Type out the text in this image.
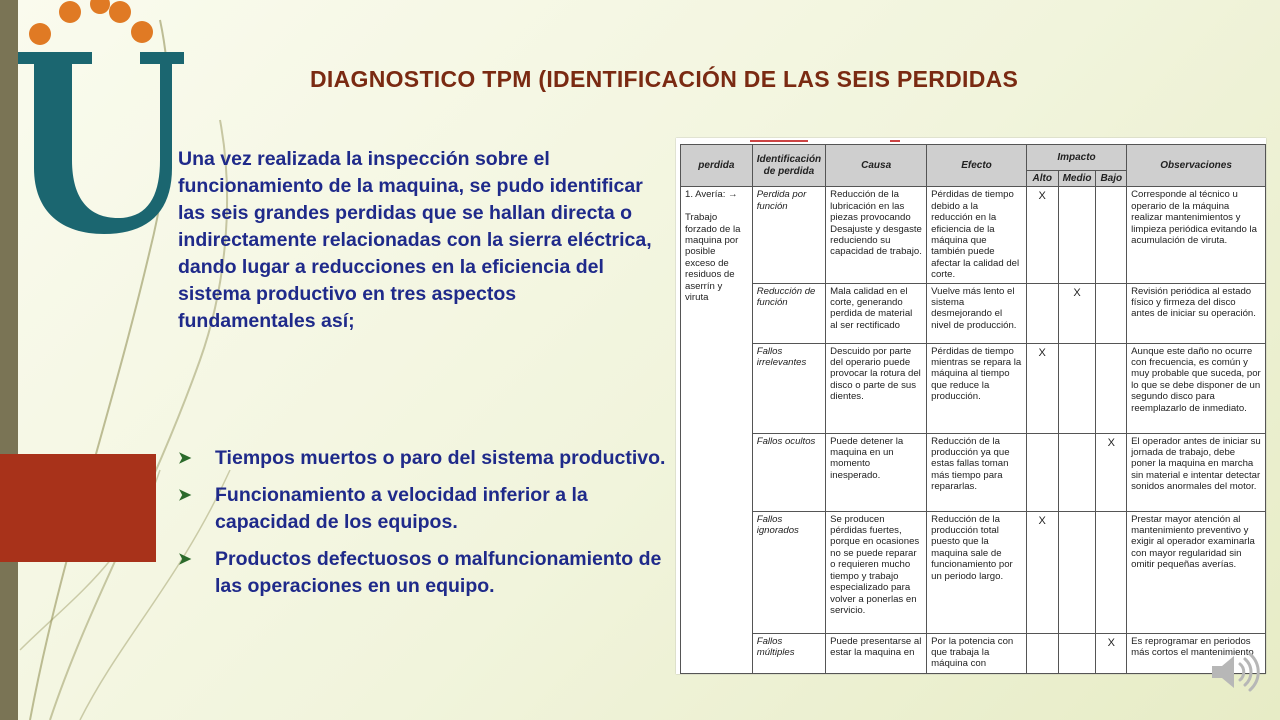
DIAGNOSTICO TPM (IDENTIFICACIÓN DE LAS SEIS PERDIDAS
Una vez realizada la inspección sobre el funcionamiento de la maquina, se pudo identificar las seis grandes perdidas que se hallan directa o indirectamente relacionadas con la sierra eléctrica, dando lugar a reducciones en la eficiencia del sistema productivo en tres aspectos fundamentales así;
➤ Tiempos muertos o paro del sistema productivo.
➤ Funcionamiento a velocidad inferior a la capacidad de los equipos.
➤ Productos defectuosos o malfuncionamiento de las operaciones en un equipo.
perdida	Identificación de perdida	Causa	Efecto	Impacto			Observaciones
				Alto	Medio	Bajo	
1. Avería: →

Trabajo forzado de la maquina por posible exceso de residuos de aserrín y viruta	Perdida por función	Reducción de la lubricación en las piezas provocando Desajuste y desgaste reduciendo su capacidad de trabajo.	Pérdidas de tiempo debido a la reducción en la eficiencia de la máquina que también puede afectar la calidad del corte.	X			Corresponde al técnico u operario de la máquina realizar mantenimientos y limpieza periódica evitando la acumulación de viruta.
	Reducción de función	Mala calidad en el corte, generando perdida de material al ser rectificado	Vuelve más lento el sistema desmejorando el nivel de producción.		X		Revisión periódica al estado físico y firmeza del disco antes de iniciar su operación.
	Fallos irrelevantes	Descuido por parte del operario puede provocar la rotura del disco o parte de sus dientes.	Pérdidas de tiempo mientras se repara la máquina al tiempo que reduce la producción.	X			Aunque este daño no ocurre con frecuencia, es común y muy probable que suceda, por lo que se debe disponer de un segundo disco para reemplazarlo de inmediato.
	Fallos ocultos	Puede detener la maquina en un momento inesperado.	Reducción de la producción ya que estas fallas toman más tiempo para repararlas.			X	El operador antes de iniciar su jornada de trabajo, debe poner la maquina en marcha sin material e intentar detectar sonidos anormales del motor.
	Fallos ignorados	Se producen pérdidas fuertes, porque en ocasiones no se puede reparar o requieren mucho tiempo y trabajo especializado para volver a ponerlas en servicio.	Reducción de la producción total puesto que la maquina sale de funcionamiento por un periodo largo.	X			Prestar mayor atención al mantenimiento preventivo y exigir al operador examinarla con mayor regularidad sin omitir pequeñas averías.
	Fallos múltiples	Puede presentarse al estar la maquina en	Por la potencia con que trabaja la máquina con			X	Es reprogramar en periodos más cortos el mantenimiento
